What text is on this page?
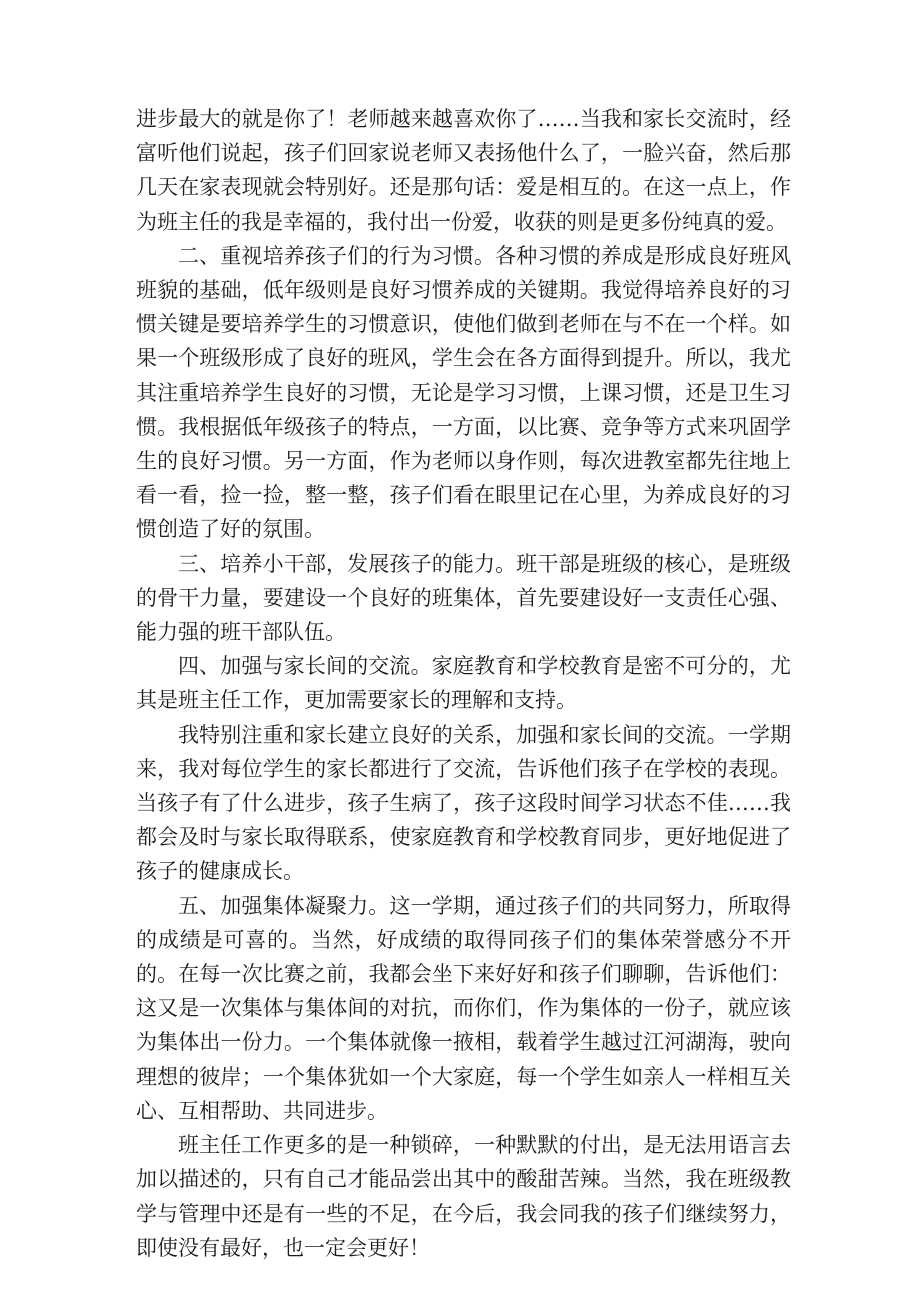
进步最大的就是你了！老师越来越喜欢你了……当我和家长交流时，经富听他们说起，孩子们回家说老师又表扬他什么了，一脸兴奋，然后那几天在家表现就会特别好。还是那句话：爱是相互的。在这一点上，作为班主任的我是幸福的，我付出一份爱，收获的则是更多份纯真的爱。

二、重视培养孩子们的行为习惯。各种习惯的养成是形成良好班风班貌的基础，低年级则是良好习惯养成的关键期。我觉得培养良好的习惯关键是要培养学生的习惯意识，使他们做到老师在与不在一个样。如果一个班级形成了良好的班风，学生会在各方面得到提升。所以，我尤其注重培养学生良好的习惯，无论是学习习惯，上课习惯，还是卫生习惯。我根据低年级孩子的特点，一方面，以比赛、竞争等方式来巩固学生的良好习惯。另一方面，作为老师以身作则，每次进教室都先往地上看一看，捡一捡，整一整，孩子们看在眼里记在心里，为养成良好的习惯创造了好的氛围。

三、培养小干部，发展孩子的能力。班干部是班级的核心，是班级的骨干力量，要建设一个良好的班集体，首先要建设好一支责任心强、能力强的班干部队伍。

四、加强与家长间的交流。家庭教育和学校教育是密不可分的，尤其是班主任工作，更加需要家长的理解和支持。

我特别注重和家长建立良好的关系，加强和家长间的交流。一学期来，我对每位学生的家长都进行了交流，告诉他们孩子在学校的表现。当孩子有了什么进步，孩子生病了，孩子这段时间学习状态不佳……我都会及时与家长取得联系，使家庭教育和学校教育同步，更好地促进了孩子的健康成长。

五、加强集体凝聚力。这一学期，通过孩子们的共同努力，所取得的成绩是可喜的。当然，好成绩的取得同孩子们的集体荣誉感分不开的。在每一次比赛之前，我都会坐下来好好和孩子们聊聊，告诉他们：这又是一次集体与集体间的对抗，而你们，作为集体的一份子，就应该为集体出一份力。一个集体就像一掖相，载着学生越过江河湖海，驶向理想的彼岸；一个集体犹如一个大家庭，每一个学生如亲人一样相互关心、互相帮助、共同进步。

班主任工作更多的是一种锁碎，一种默默的付出，是无法用语言去加以描述的，只有自己才能品尝出其中的酸甜苦辣。当然，我在班级教学与管理中还是有一些的不足，在今后，我会同我的孩子们继续努力，即使没有最好，也一定会更好！
